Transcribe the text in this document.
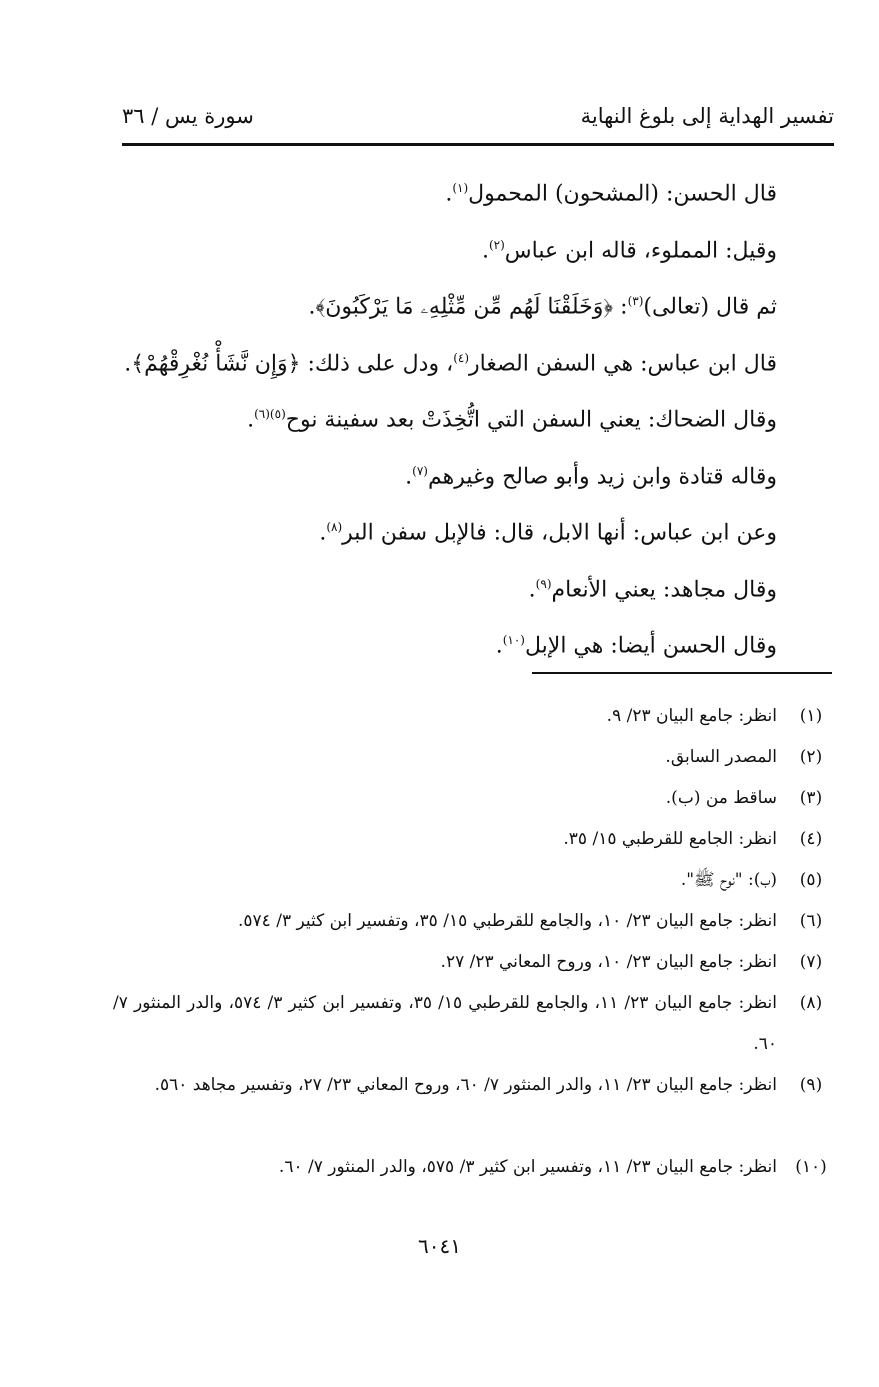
تفسير الهداية إلى بلوغ النهاية
سورة يس / ٣٦
قال الحسن: (المشحون) المحمول$^{(١)}$.
وقيل: المملوء، قاله ابن عباس$^{(٢)}$.
ثم قال (تعالى)$^{(٣)}$: ﴿وَخَلَقْنَا لَهُم مِّن مِّثْلِهِۦ مَا يَرْكَبُونَ﴾.
قال ابن عباس: هي السفن الصغار$^{(٤)}$، ودل على ذلك: ﴿وَإِن نَّشَأْ نُغْرِقْهُمْ﴾.
وقال الضحاك: يعني السفن التي اتُّخِذَتْ بعد سفينة نوح$^{(٥)(٦)}$.
وقاله قتادة وابن زيد وأبو صالح وغيرهم$^{(٧)}$.
وعن ابن عباس: أنها الابل، قال: فالإبل سفن البر$^{(٨)}$.
وقال مجاهد: يعني الأنعام$^{(٩)}$.
وقال الحسن أيضا: هي الإبل$^{(١٠)}$.
(١)
انظر: جامع البيان ٢٣/ ٩.
(٢)
المصدر السابق.
(٣)
ساقط من (ب).
(٤)
انظر: الجامع للقرطبي ١٥/ ٣٥.
(٥)
(ب): "نوح ﷺ".
(٦)
انظر: جامع البيان ٢٣/ ١٠، والجامع للقرطبي ١٥/ ٣٥، وتفسير ابن كثير ٣/ ٥٧٤.
(٧)
انظر: جامع البيان ٢٣/ ١٠، وروح المعاني ٢٣/ ٢٧.
(٨)
انظر: جامع البيان ٢٣/ ١١، والجامع للقرطبي ١٥/ ٣٥، وتفسير ابن كثير ٣/ ٥٧٤، والدر المنثور ٧/ ٦٠.
(٩)
انظر: جامع البيان ٢٣/ ١١، والدر المنثور ٧/ ٦٠، وروح المعاني ٢٣/ ٢٧، وتفسير مجاهد ٥٦٠.
(١٠)
انظر: جامع البيان ٢٣/ ١١، وتفسير ابن كثير ٣/ ٥٧٥، والدر المنثور ٧/ ٦٠.
٦٠٤١
